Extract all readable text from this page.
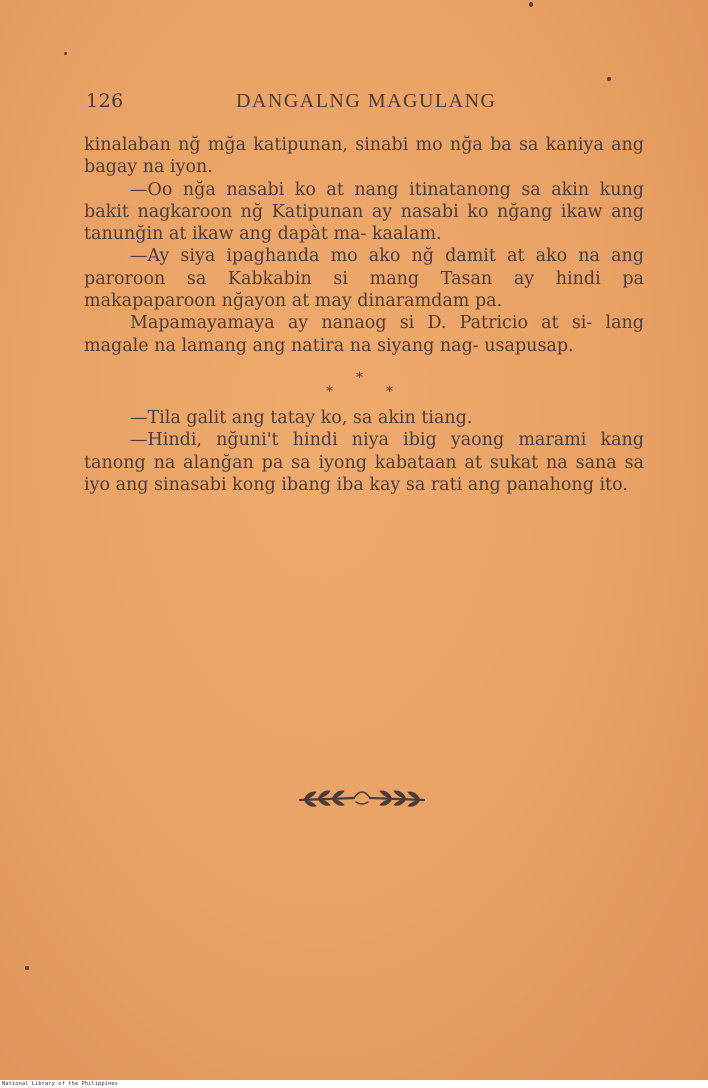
126	DANGALNG MAGULANG

kinalaban nğ mğa katipunan, sinabi mo nğa ba sa kaniya ang bagay na iyon.

—Oo nğa nasabi ko at nang itinatanong sa akin kung bakit nagkaroon nğ Katipunan ay nasabi ko nğang ikaw ang tanunğin at ikaw ang dapàt ma- kaalam.

—Ay siya ipaghanda mo ako nğ damit at ako na ang paroroon sa Kabkabin si mang Tasan ay hindi pa makapaparoon nğayon at may dinaramdam pa.

Mapamayamaya ay nanaog si D. Patricio at si- lang magale na lamang ang natira na siyang nag- usapusap.

*
*	*

—Tila galit ang tatay ko, sa akin tiang.

—Hindi, nğuni't hindi niya ibig yaong marami kang tanong na alanğan pa sa iyong kabataan at sukat na sana sa iyo ang sinasabi kong ibang iba kay sa rati ang panahong ito.

National Library of the Philippines
